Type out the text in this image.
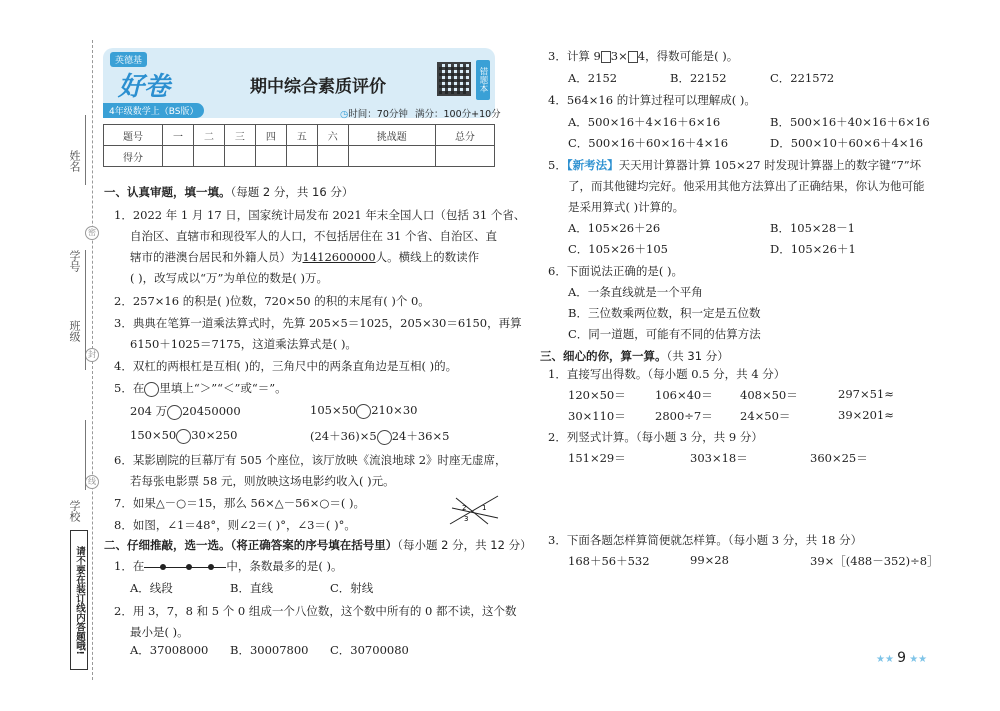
姓名
密
学号
封
班级
线
学校
请不要在装订线内答题哦!
英德基
好卷
4年级数学上（BS版）
期中综合素质评价
◷时间：70分钟 满分：100分+10分
错题本
题号	一	二	三	四	五	六	挑战题	总分
得分								
一、认真审题，填一填。（每题 2 分，共 16 分）
1．2022 年 1 月 17 日，国家统计局发布 2021 年末全国人口（包括 31 个省、
自治区、直辖市和现役军人的人口，不包括居住在 31 个省、自治区、直
辖市的港澳台居民和外籍人员）为1412600000人。横线上的数读作
( )，改写成以“万”为单位的数是( )万。
2．257×16 的积是( )位数，720×50 的积的末尾有( )个 0。
3．典典在笔算一道乘法算式时，先算 205×5＝1025，205×30＝6150，再算
6150＋1025＝7175，这道乘法算式是( )。
4．双杠的两根杠是互相( )的，三角尺中的两条直角边是互相( )的。
5．在 里填上“＞”“＜”或“＝”。
204 万 20450000	105×50 210×30
150×50 30×250	(24＋36)×5 24＋36×5
6．某影剧院的巨幕厅有 505 个座位，该厅放映《流浪地球 2》时座无虚席，
若每张电影票 58 元，则放映这场电影约收入( )元。
7．如果△－○＝15，那么 56×△－56×○＝( )。
8．如图，∠1＝48°，则∠2＝( )°，∠3＝( )°。
2 1
3
二、仔细推敲，选一选。（将正确答案的序号填在括号里）（每小题 2 分，共 12 分）
1．在	中，条数最多的是( )。
A．线段	B．直线	C．射线
2．用 3，7，8 和 5 个 0 组成一个八位数，这个数中所有的 0 都不读，这个数
最小是( )。
A．37008000 B．30007800 C．30700080
3．计算 9 3× 4，得数可能是( )。
A．2152	B．22152	C．221572
4．564×16 的计算过程可以理解成( )。
A．500×16＋4×16＋6×16	B．500×16＋40×16＋6×16
C．500×16＋60×16＋4×16	D．500×10＋60×6＋4×16
5．【新考法】天天用计算器计算 105×27 时发现计算器上的数字键“7”坏
了，而其他键均完好。他采用其他方法算出了正确结果，你认为他可能
是采用算式( )计算的。
A．105×26＋26	B．105×28－1
C．105×26＋105	D．105×26＋1
6．下面说法正确的是( )。
A．一条直线就是一个平角
B．三位数乘两位数，积一定是五位数
C．同一道题，可能有不同的估算方法
三、细心的你，算一算。（共 31 分）
1．直接写出得数。（每小题 0.5 分，共 4 分）
120×50＝	106×40＝ 408×50＝	297×51≈
30×110＝	2800÷7＝ 24×50＝	39×201≈
2．列竖式计算。（每小题 3 分，共 9 分）
151×29＝	303×18＝	360×25＝
3．下面各题怎样算简便就怎样算。（每小题 3 分，共 18 分）
168＋56＋532	99×28	39×［(488－352)÷8］
★★ 9 ★★
